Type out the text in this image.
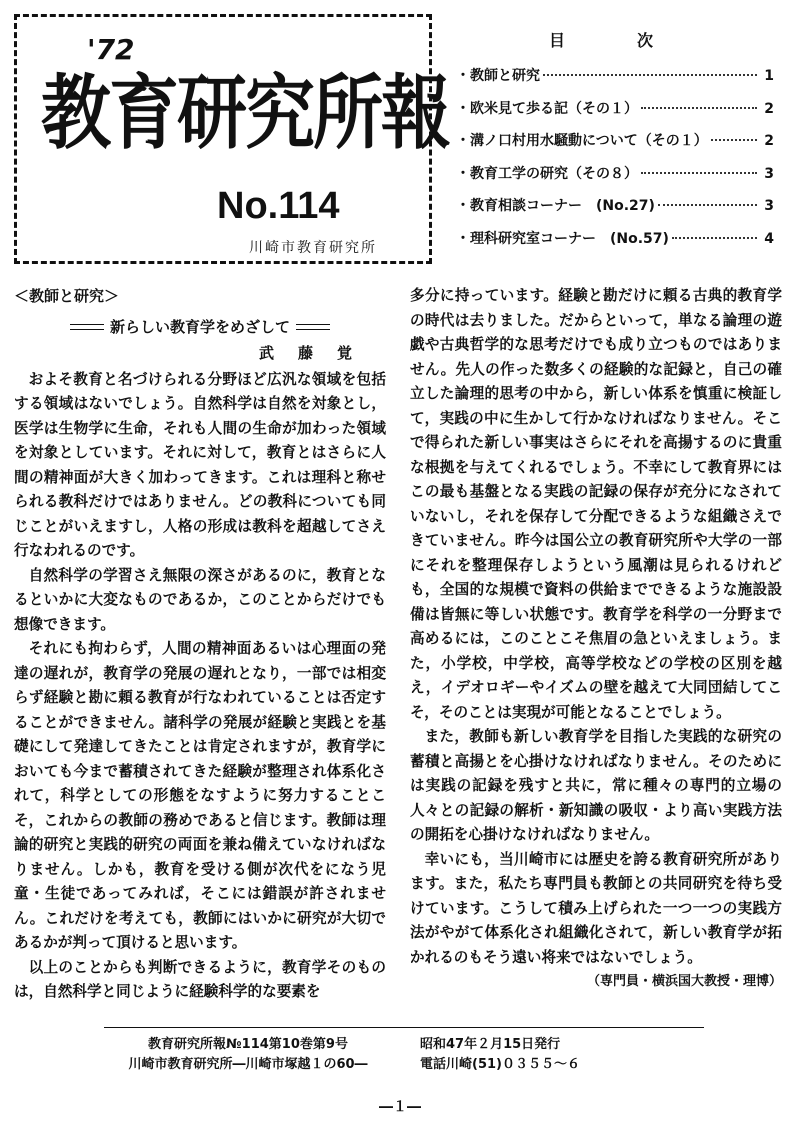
'72
教育研究所報
No.114
川崎市教育研究所
目　次
・教師と研究	1
・欧米見て歩る記（その１）	2
・溝ノ口村用水騒動について（その１）	2
・教育工学の研究（その８）	3
・教育相談コーナー　(No.27)	3
・理科研究室コーナー　(No.57)	4
＜教師と研究＞
新らしい教育学をめざして
武藤覚

およそ教育と名づけられる分野ほど広汎な領域を包括する領域はないでしょう。自然科学は自然を対象とし，医学は生物学に生命，それも人間の生命が加わった領域を対象としています。それに対して，教育とはさらに人間の精神面が大きく加わってきます。これは理科と称せられる教科だけではありません。どの教科についても同じことがいえますし，人格の形成は教科を超越してさえ行なわれるのです。

自然科学の学習さえ無限の深さがあるのに，教育となるといかに大変なものであるか，このことからだけでも想像できます。

それにも拘わらず，人間の精神面あるいは心理面の発達の遅れが，教育学の発展の遅れとなり，一部では相変らず経験と勘に頼る教育が行なわれていることは否定することができません。諸科学の発展が経験と実践とを基礎にして発達してきたことは肯定されますが，教育学においても今まで蓄積されてきた経験が整理され体系化されて，科学としての形態をなすように努力することこそ，これからの教師の務めであると信じます。教師は理論的研究と実践的研究の両面を兼ね備えていなければなりません。しかも，教育を受ける側が次代をになう児童・生徒であってみれば，そこには錯誤が許されません。これだけを考えても，教師にはいかに研究が大切であるかが判って頂けると思います。

以上のことからも判断できるように，教育学そのものは，自然科学と同じように経験科学的な要素を

多分に持っています。経験と勘だけに頼る古典的教育学の時代は去りました。だからといって，単なる論理の遊戯や古典哲学的な思考だけでも成り立つものではありません。先人の作った数多くの経験的な記録と，自己の確立した論理的思考の中から，新しい体系を慎重に検証して，実践の中に生かして行かなければなりません。そこで得られた新しい事実はさらにそれを高揚するのに貴重な根拠を与えてくれるでしょう。不幸にして教育界にはこの最も基盤となる実践の記録の保存が充分になされていないし，それを保存して分配できるような組織さえできていません。昨今は国公立の教育研究所や大学の一部にそれを整理保存しようという風潮は見られるけれども，全国的な規模で資料の供給までできるような施設設備は皆無に等しい状態です。教育学を科学の一分野まで高めるには，このことこそ焦眉の急といえましょう。また，小学校，中学校，高等学校などの学校の区別を越え，イデオロギーやイズムの壁を越えて大同団結してこそ，そのことは実現が可能となることでしょう。

また，教師も新しい教育学を目指した実践的な研究の蓄積と高揚とを心掛けなければなりません。そのためには実践の記録を残すと共に，常に種々の専門的立場の人々との記録の解析・新知識の吸収・より高い実践方法の開拓を心掛けなければなりません。

幸いにも，当川崎市には歴史を誇る教育研究所があります。また，私たち専門員も教師との共同研究を待ち受けています。こうして積み上げられた一つ一つの実践方法がやがて体系化され組織化されて，新しい教育学が拓かれるのもそう遠い将来ではないでしょう。

（専門員・横浜国大教授・理博）
教育研究所報№114第10巻第9号
川崎市教育研究所―川崎市塚越１の60―
昭和47年２月15日発行
電話川崎(51)０３５５～６
―１―
